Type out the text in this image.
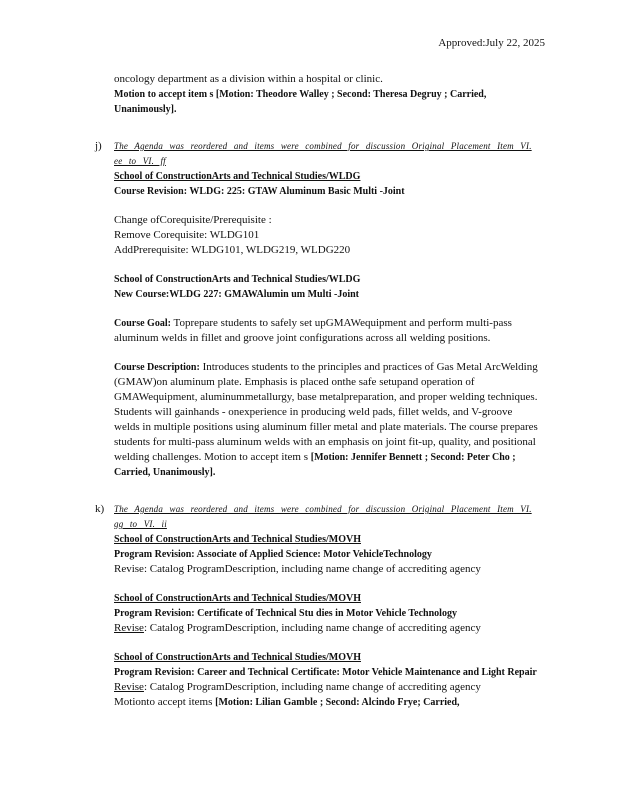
Approved:July 22, 2025

oncology department as a division within a hospital or clinic.

Motion to accept item s [Motion: Theodore Walley ; Second: Theresa Degruy ; Carried, Unanimously].

j) The Agenda was reordered and items were combined for discussion Original Placement Item VI. ee to VI. ff

School of ConstructionArts and Technical Studies/WLDG

Course Revision: WLDG: 225: GTAW Aluminum Basic Multi -Joint

Change ofCorequisite/Prerequisite :

Remove Corequisite: WLDG101

AddPrerequisite: WLDG101, WLDG219, WLDG220

School of ConstructionArts and Technical Studies/WLDG

New Course:WLDG 227: GMAWAlumin um Multi -Joint

Course Goal: Toprepare students to safely set upGMAWequipment and perform multi-pass aluminum welds in fillet and groove joint configurations across all welding positions.

Course Description: Introduces students to the principles and practices of Gas Metal ArcWelding (GMAW)on aluminum plate. Emphasis is placed onthe safe setupand operation of GMAWequipment, aluminummetallurgy, base metalpreparation, and proper welding techniques. Students will gainhands - onexperience in producing weld pads, fillet welds, and V-groove welds in multiple positions using aluminum filler metal and plate materials. The course prepares students for multi-pass aluminum welds with an emphasis on joint fit-up, quality, and positional welding challenges. Motion to accept item s [Motion: Jennifer Bennett ; Second: Peter Cho ; Carried, Unanimously].

k) The Agenda was reordered and items were combined for discussion Original Placement Item VI. gg to VI. ii

School of ConstructionArts and Technical Studies/MOVH

Program Revision: Associate of Applied Science: Motor VehicleTechnology

Revise: Catalog ProgramDescription, including name change of accrediting agency

School of ConstructionArts and Technical Studies/MOVH

Program Revision: Certificate of Technical Stu dies in Motor Vehicle Technology

Revise: Catalog ProgramDescription, including name change of accrediting agency

School of ConstructionArts and Technical Studies/MOVH

Program Revision: Career and Technical Certificate: Motor Vehicle Maintenance and Light Repair

Revise: Catalog ProgramDescription, including name change of accrediting agency

Motionto accept items [Motion: Lilian Gamble ; Second: Alcindo Frye; Carried,
